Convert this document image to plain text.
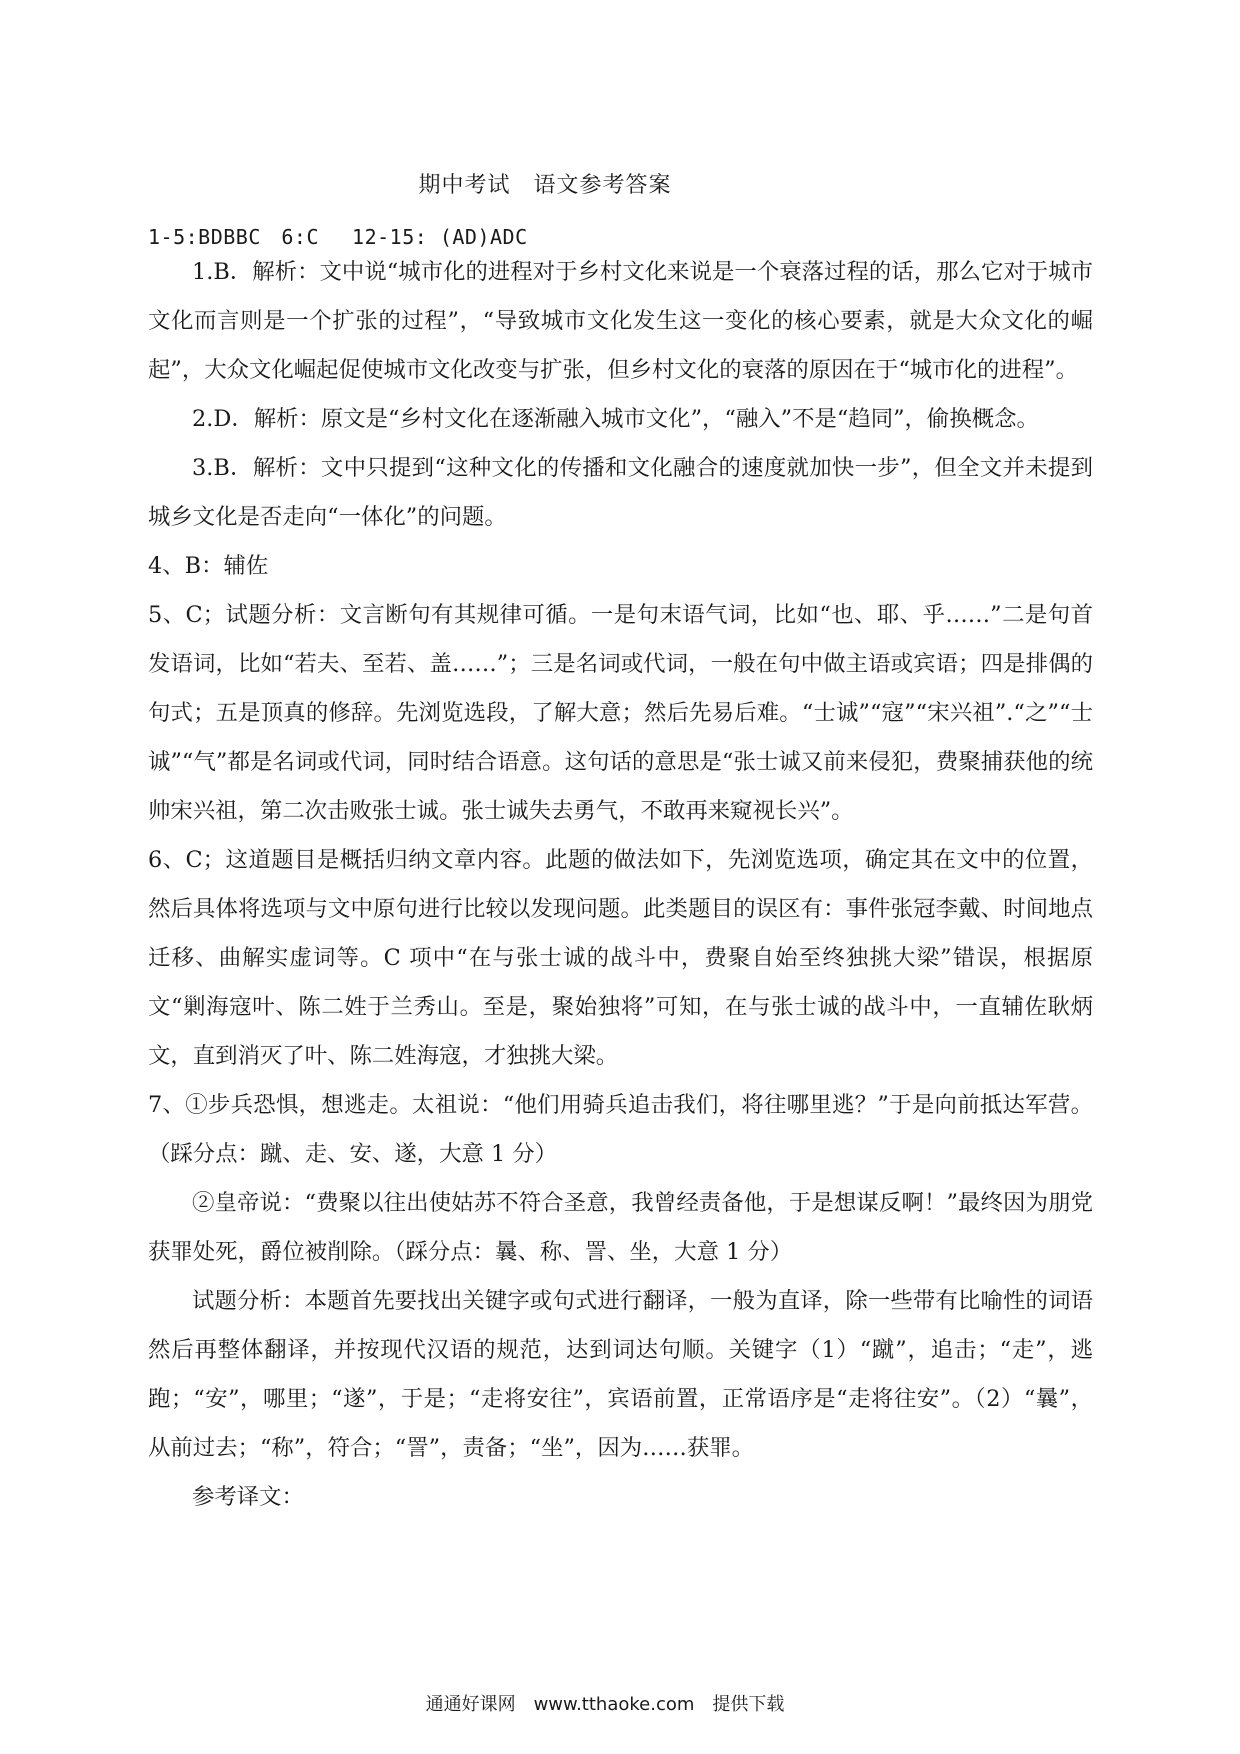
期中考试　语文参考答案
1-5:BDBBC　6:C　 12-15: (AD)ADC

1.B．解析：文中说“城市化的进程对于乡村文化来说是一个衰落过程的话，那么它对于城市文化而言则是一个扩张的过程”，“导致城市文化发生这一变化的核心要素，就是大众文化的崛起”，大众文化崛起促使城市文化改变与扩张，但乡村文化的衰落的原因在于“城市化的进程”。

2.D．解析：原文是“乡村文化在逐渐融入城市文化”，“融入”不是“趋同”，偷换概念。

3.B．解析：文中只提到“这种文化的传播和文化融合的速度就加快一步”，但全文并未提到城乡文化是否走向“一体化”的问题。

4、B：辅佐

5、C；试题分析：文言断句有其规律可循。一是句末语气词，比如“也、耶、乎……”二是句首发语词，比如“若夫、至若、盖……”；三是名词或代词，一般在句中做主语或宾语；四是排偶的句式；五是顶真的修辞。先浏览选段，了解大意；然后先易后难。“士诚”“寇”“宋兴祖”.“之”“士诚”“气”都是名词或代词，同时结合语意。这句话的意思是“张士诚又前来侵犯，费聚捕获他的统帅宋兴祖，第二次击败张士诚。张士诚失去勇气，不敢再来窥视长兴”。

6、C；这道题目是概括归纳文章内容。此题的做法如下，先浏览选项，确定其在文中的位置，然后具体将选项与文中原句进行比较以发现问题。此类题目的误区有：事件张冠李戴、时间地点迁移、曲解实虚词等。C 项中“在与张士诚的战斗中，费聚自始至终独挑大梁”错误，根据原文“剿海寇叶、陈二姓于兰秀山。至是，聚始独将”可知，在与张士诚的战斗中，一直辅佐耿炳文，直到消灭了叶、陈二姓海寇，才独挑大梁。

7、①步兵恐惧，想逃走。太祖说：“他们用骑兵追击我们，将往哪里逃？”于是向前抵达军营。（踩分点：蹴、走、安、遂，大意 1 分）

②皇帝说：“费聚以往出使姑苏不符合圣意，我曾经责备他，于是想谋反啊！”最终因为朋党获罪处死，爵位被削除。（踩分点：曩、称、詈、坐，大意 1 分）

试题分析：本题首先要找出关键字或句式进行翻译，一般为直译，除一些带有比喻性的词语然后再整体翻译，并按现代汉语的规范，达到词达句顺。关键字（1）“蹴”，追击；“走”，逃跑；“安”，哪里；“遂”，于是；“走将安往”，宾语前置，正常语序是“走将往安”。（2）“曩”，从前过去；“称”，符合；“詈”，责备；“坐”，因为……获罪。

参考译文：

通通好课网　www.tthaoke.com　提供下载
